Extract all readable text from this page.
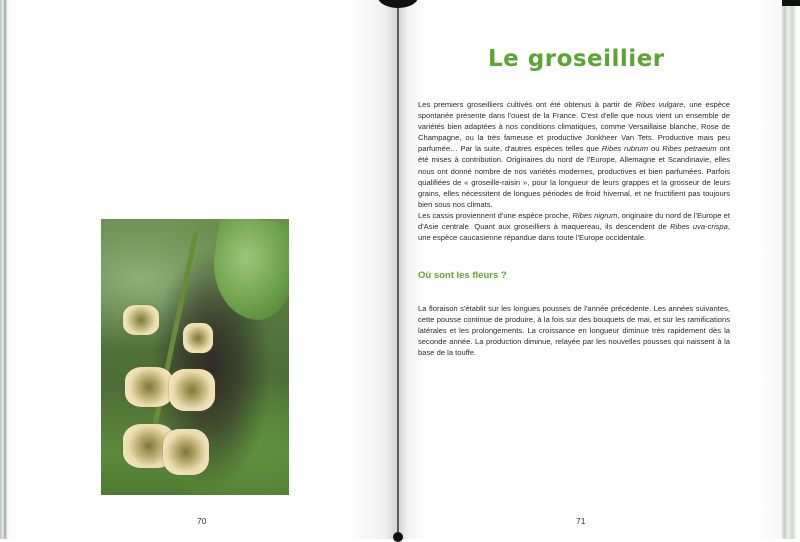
Le groseillier

Les premiers groseilliers cultivés ont été obtenus à partir de Ribes vulgare, une espèce spontanée présente dans l'ouest de la France. C'est d'elle que nous vient un ensemble de variétés bien adaptées à nos conditions climatiques, comme Versaillaise blanche, Rose de Champagne, ou la très fameuse et productive Jonkheer Van Tets. Productive mais peu parfumée… Par la suite, d'autres espèces telles que Ribes rubrum ou Ribes petraeum ont été mises à contribution. Originaires du nord de l'Europe, Allemagne et Scandinavie, elles nous ont donné nombre de nos variétés modernes, productives et bien parfumées. Parfois qualifiées de « groseille-raisin », pour la longueur de leurs grappes et la grosseur de leurs grains, elles nécessitent de longues périodes de froid hivernal, et ne fructifient pas toujours bien sous nos climats.
Les cassis proviennent d'une espèce proche, Ribes nigrum, originaire du nord de l'Europe et d'Asie centrale. Quant aux groseilliers à maquereau, ils descendent de Ribes uva-crispa, une espèce caucasienne répandue dans toute l'Europe occidentale.

Où sont les fleurs ?

La floraison s'établit sur les longues pousses de l'année précédente. Les années suivantes, cette pousse continue de produire, à la fois sur des bouquets de mai, et sur les ramifications latérales et les prolongements. La croissance en longueur diminue très rapidement dès la seconde année. La production diminue, relayée par les nouvelles pousses qui naissent à la base de la touffe.

70	71
